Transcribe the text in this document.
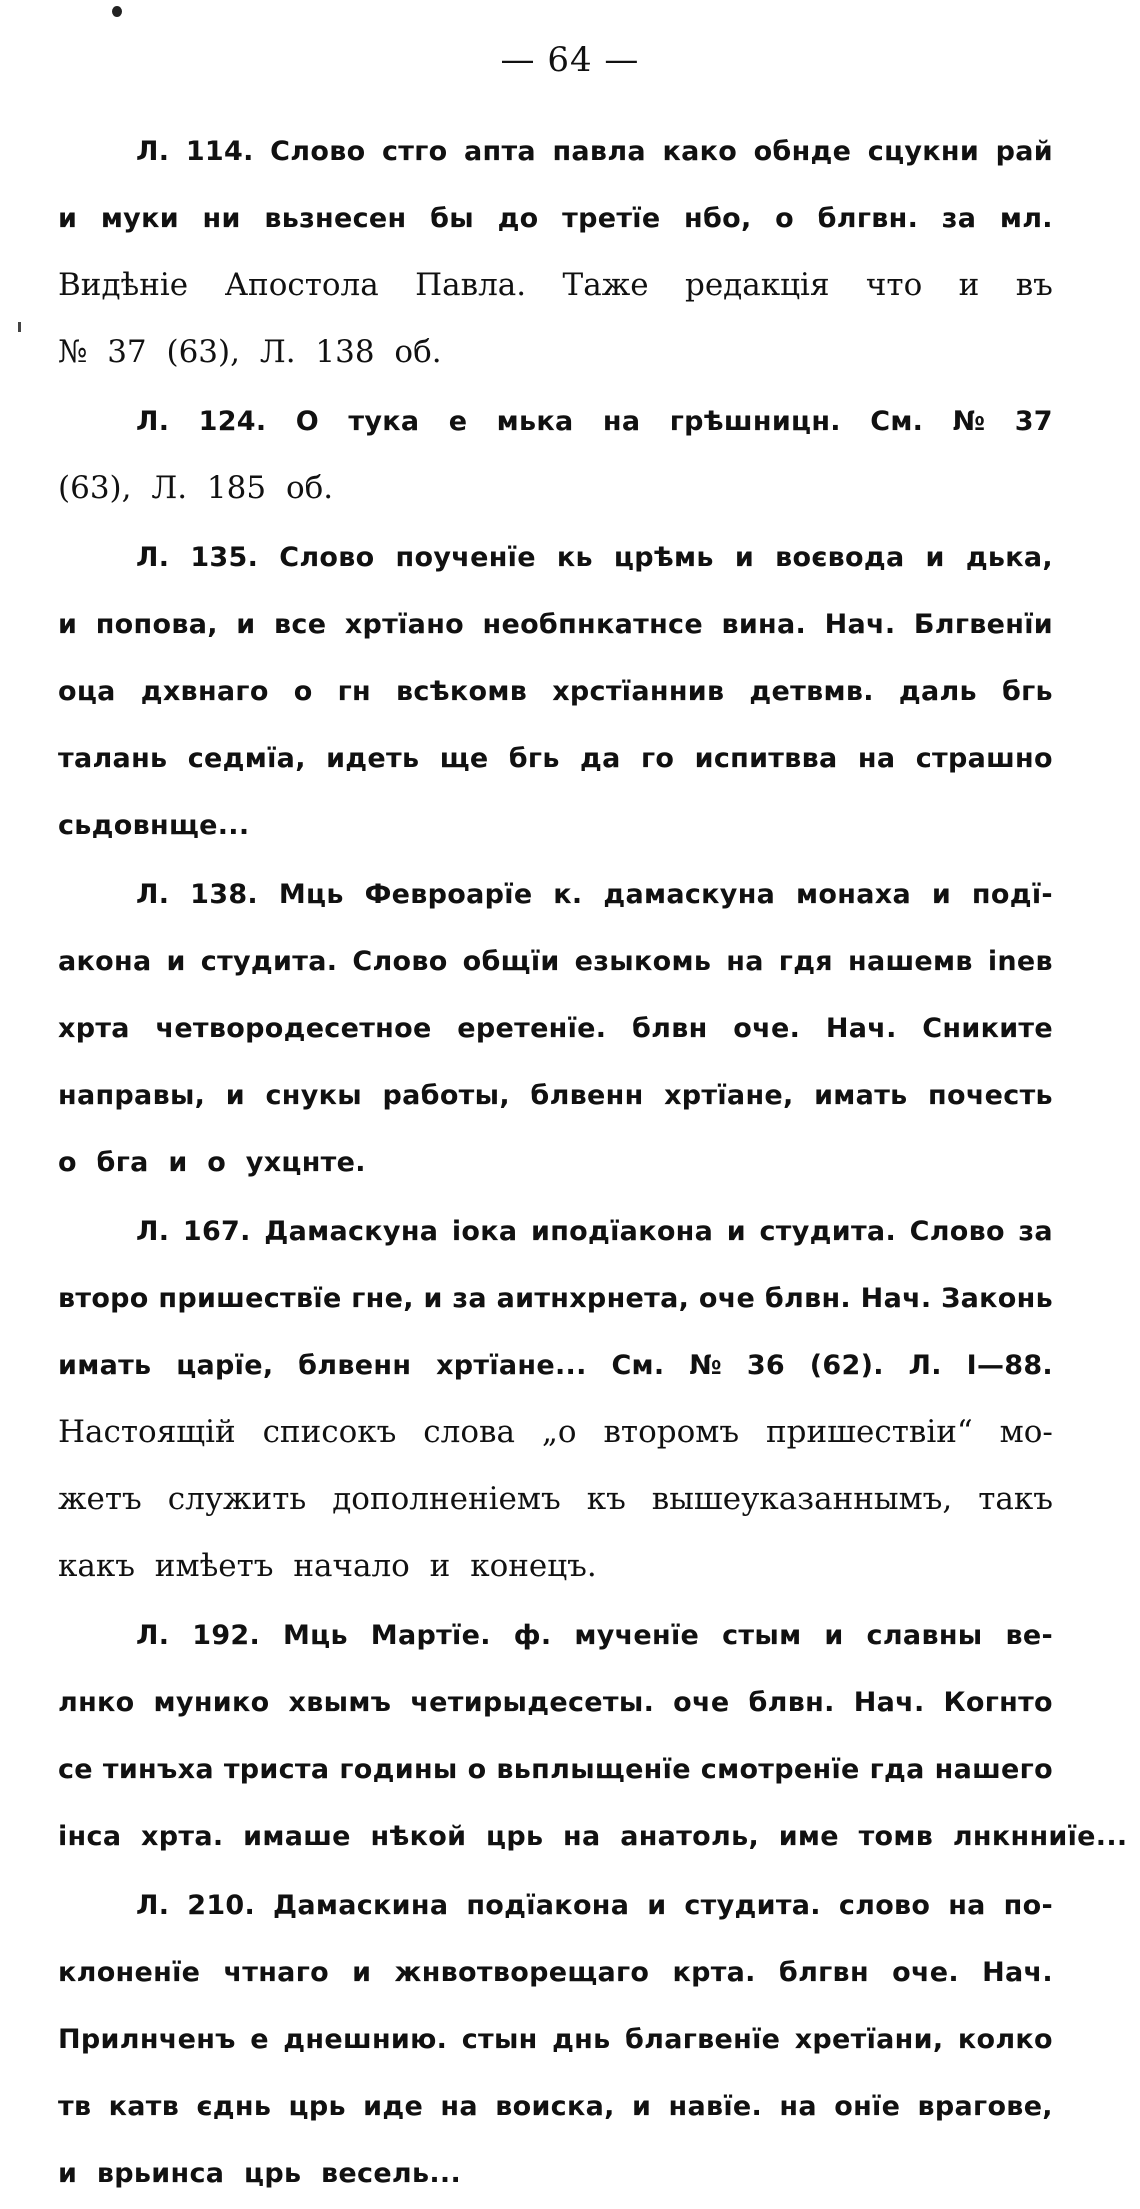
— 64 —
Л. 114. Слово стго апта павла како обнде сцукни рай
и муки ни вьзнесен бы до третїе нбо, о блгвн. за мл.
Видѣніе Апостола Павла. Таже редакція что и въ
№ 37 (63), Л. 138 об.
Л. 124. О тука е мька на грѣшницн. См. № 37
(63), Л. 185 об.
Л. 135. Слово поученїе кь црѣмь и воєвода и дька,
и попова, и все хртїано необпнкатнсе вина. Нач. Блгвенїи
оца дхвнаго о гн всѣкомв хрстїаннив детвмв. даль бгь
талань седмїа, идеть ще бгь да го испитвва на страшно
сьдовнще...
Л. 138. Мць Февроарїе к. дамаскуна монаха и подї-
акона и студита. Слово общїи езыкомь на гдя нашемв ineв
хрта четвородесетное еретенїе. блвн оче. Нач. Сниките
направы, и снукы работы, блвенн хртїане, имать почесть
о бга и о ухцнте.
Л. 167. Дамаскуна ioка иподїакона и студита. Слово за
второ пришествїе гне, и за аитнхрнета, оче блвн. Нач. Законь
имать царїе, блвенн хртїане... См. № 36 (62). Л. I—88.
Настоящій списокъ слова „о второмъ пришествіи“ мо-
жетъ служить дополненіемъ къ вышеуказаннымъ, такъ
какъ имѣетъ начало и конецъ.
Л. 192. Мць Мартїе. ф. мученїе стым и славны ве-
лнко мунико хвымъ четирыдесеты. оче блвн. Нач. Когнто
се тинъха триста годины о вьплыщенїе смотренїе гда нашего
iнса хрта. имаше нѣкой црь на анатоль, име томв лнкнниїе...
Л. 210. Дамаскина подїакона и студита. слово на по-
клоненїе чтнаго и жнвотворещаго крта. блгвн оче. Нач.
Прилнченъ е днешнию. стын днь благвенїе хретїани, колко
тв катв єднь црь иде на воиска, и навїе. на онїе врагове,
и врьинса црь весель...
